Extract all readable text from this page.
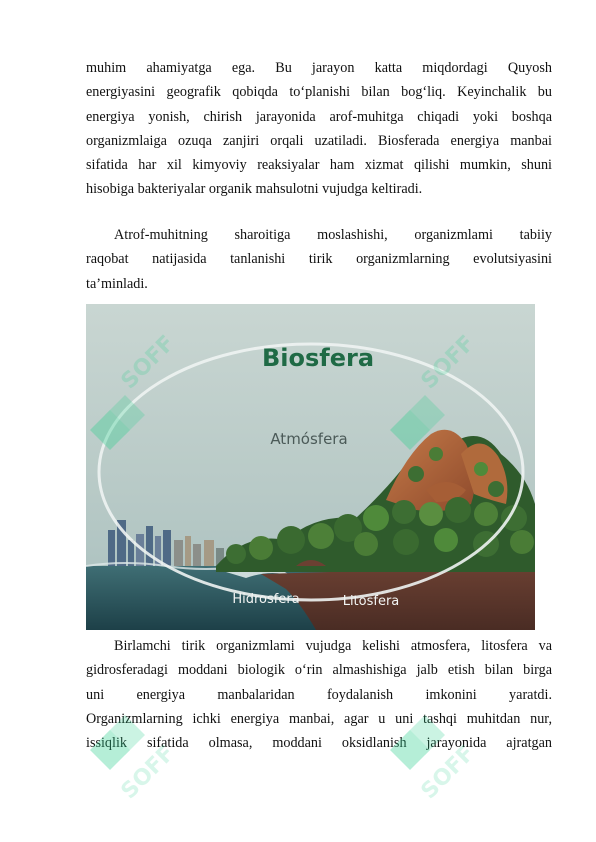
muhim ahamiyatga ega. Bu jarayon katta miqdordagi Quyosh
energiyasini geografik qobiqda to‘planishi bilan bog‘liq. Keyinchalik bu
energiya yonish, chirish jarayonida arof-muhitga chiqadi yoki boshqa
organizmlaiga ozuqa zanjiri orqali uzatiladi. Biosferada energiya manbai
sifatida har xil kimyoviy reaksiyalar ham xizmat qilishi mumkin, shuni
hisobiga bakteriyalar organik mahsulotni vujudga keltiradi.

Atrof-muhitning sharoitiga moslashishi, organizmlami tabiiy
raqobat natijasida tanlanishi tirik organizmlarning evolutsiyasini
ta’minladi.

Biosfera
Atmósfera
Hidrosfera	Litosfera

Birlamchi tirik organizmlami vujudga kelishi atmosfera, litosfera va
gidrosferadagi moddani biologik o‘rin almashishiga jalb etish bilan birga
uni energiya manbalaridan foydalanish imkonini yaratdi.
Organizmlarning ichki energiya manbai, agar u uni tashqi muhitdan nur,
issiqlik sifatida olmasa, moddani oksidlanish jarayonida ajratgan

SOFF	SOFF
SOFF	SOFF
